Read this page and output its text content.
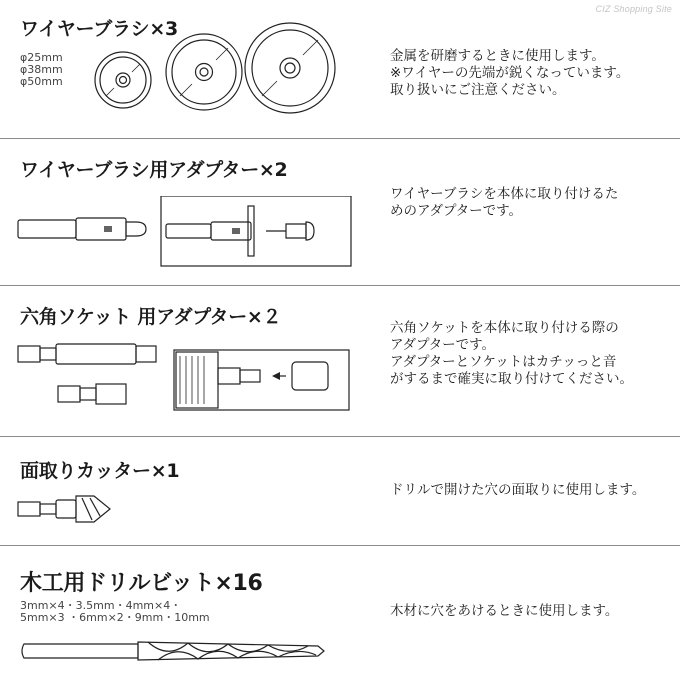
CIZ Shopping Site
ワイヤーブラシ×3
φ25mm
φ38mm
φ50mm

金属を研磨するときに使用します。

※ワイヤーの先端が鋭くなっています。

取り扱いにご注意ください。

ワイヤーブラシ用アダプター×2

ワイヤーブラシを本体に取り付けるた

めのアダプターです。

六角ソケット 用アダプター×２	六角ソケットを本体に取り付ける際の

アダプターです。

アダプターとソケットはカチッっと音

がするまで確実に取り付けてください。

面取りカッター×1

ドリルで開けた穴の面取りに使用します。

木工用ドリルビット×16
3mm×4・3.5mm・4mm×4・
5mm×3 ・6mm×2・9mm・10mm	木材に穴をあけるときに使用します。
